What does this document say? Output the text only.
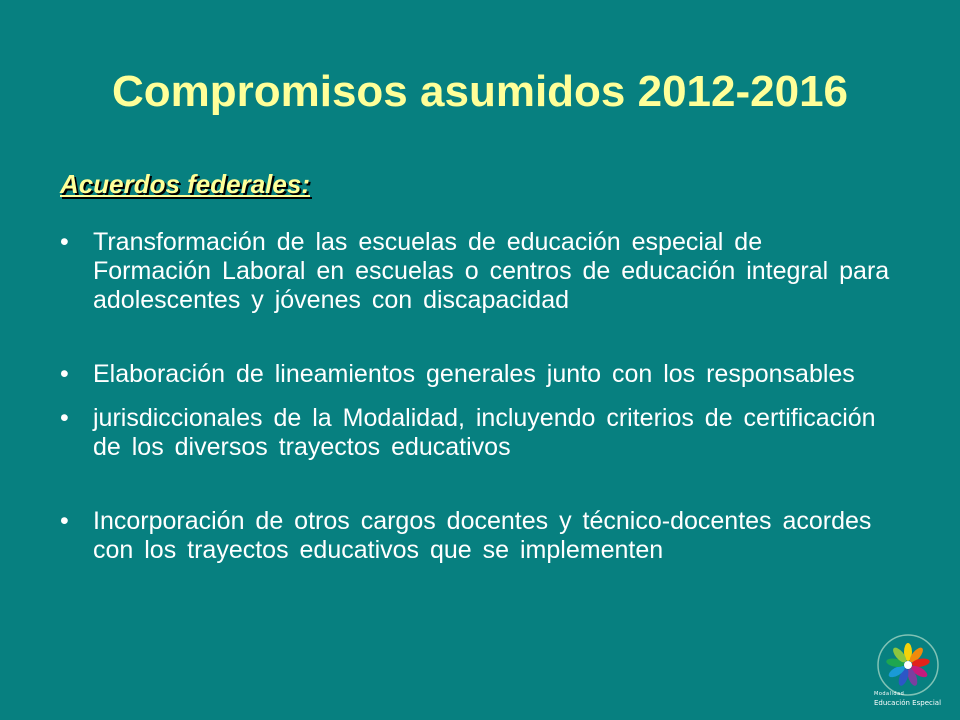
Compromisos asumidos 2012-2016
Acuerdos federales:
• Transformación de las escuelas de educación especial de Formación Laboral en escuelas o centros de educación integral para adolescentes y jóvenes con discapacidad
• Elaboración de lineamientos generales junto con los responsables
• jurisdiccionales de la Modalidad, incluyendo criterios de certificación de los diversos trayectos educativos
• Incorporación de otros cargos docentes y técnico-docentes acordes con los trayectos educativos que se implementen
Modalidad
Educación Especial
